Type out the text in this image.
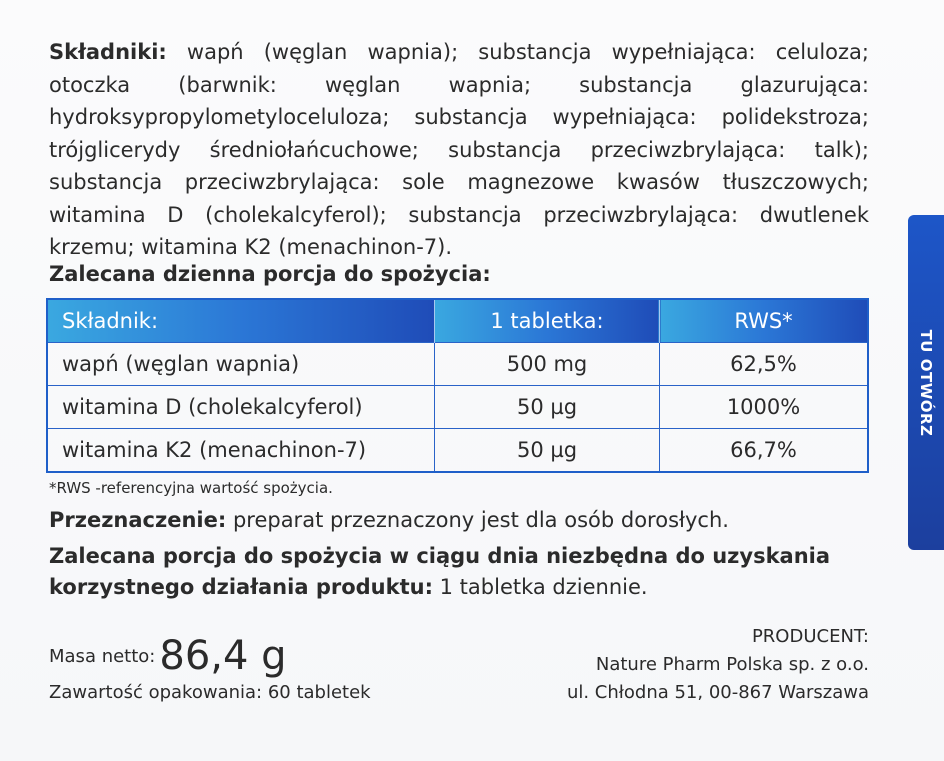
TU OTWÓRZ
Składniki: wapń (węglan wapnia); substancja wypełniająca: celuloza; otoczka (barwnik: węglan wapnia; substancja glazurująca: hydroksypropylometyloceluloza; substancja wypełniająca: polidekstroza; trójglicerydy średniołańcuchowe; substancja przeciwzbrylająca: talk); substancja przeciwzbrylająca: sole magnezowe kwasów tłuszczowych; witamina D (cholekalcyferol); substancja przeciwzbrylająca: dwutlenek krzemu; witamina K2 (menachinon-7).
Zalecana dzienna porcja do spożycia:
Składnik:	1 tabletka:	RWS*
wapń (węglan wapnia)	500 mg	62,5%
witamina D (cholekalcyferol)	50 µg	1000%
witamina K2 (menachinon-7)	50 µg	66,7%
*RWS -referencyjna wartość spożycia.
Przeznaczenie: preparat przeznaczony jest dla osób dorosłych.
Zalecana porcja do spożycia w ciągu dnia niezbędna do uzyskania korzystnego działania produktu: 1 tabletka dziennie.
Masa netto: 86,4 g
Zawartość opakowania: 60 tabletek
PRODUCENT:
Nature Pharm Polska sp. z o.o.
ul. Chłodna 51, 00-867 Warszawa
